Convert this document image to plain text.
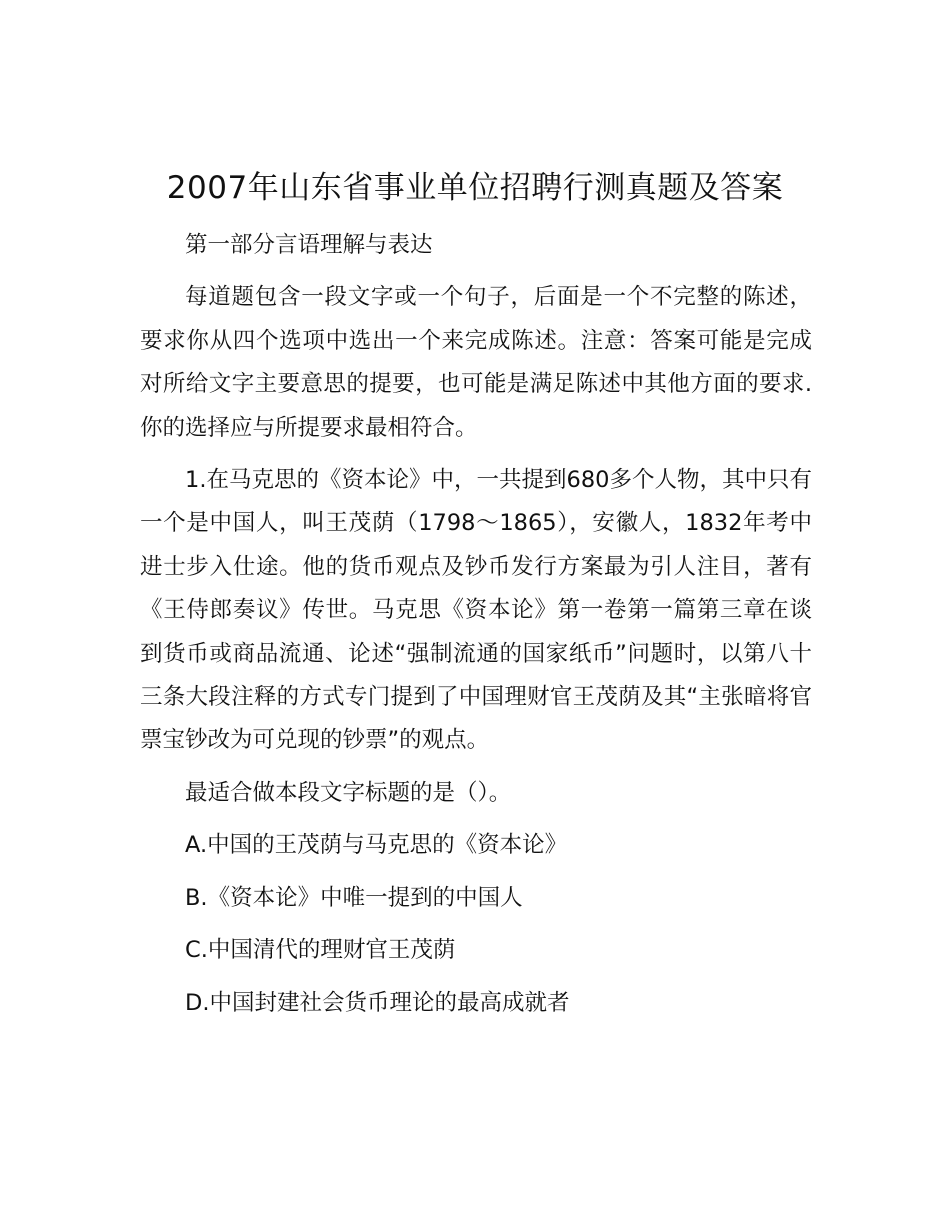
2007年山东省事业单位招聘行测真题及答案

第一部分言语理解与表达

每道题包含一段文字或一个句子，后面是一个不完整的陈述，要求你从四个选项中选出一个来完成陈述。注意：答案可能是完成对所给文字主要意思的提要，也可能是满足陈述中其他方面的要求.你的选择应与所提要求最相符合。

1.在马克思的《资本论》中，一共提到680多个人物，其中只有一个是中国人，叫王茂荫（1798～1865），安徽人，1832年考中进士步入仕途。他的货币观点及钞币发行方案最为引人注目，著有《王侍郎奏议》传世。马克思《资本论》第一卷第一篇第三章在谈到货币或商品流通、论述“强制流通的国家纸币”问题时，以第八十三条大段注释的方式专门提到了中国理财官王茂荫及其“主张暗将官票宝钞改为可兑现的钞票”的观点。

最适合做本段文字标题的是（）。

A.中国的王茂荫与马克思的《资本论》

B.《资本论》中唯一提到的中国人

C.中国清代的理财官王茂荫

D.中国封建社会货币理论的最高成就者
